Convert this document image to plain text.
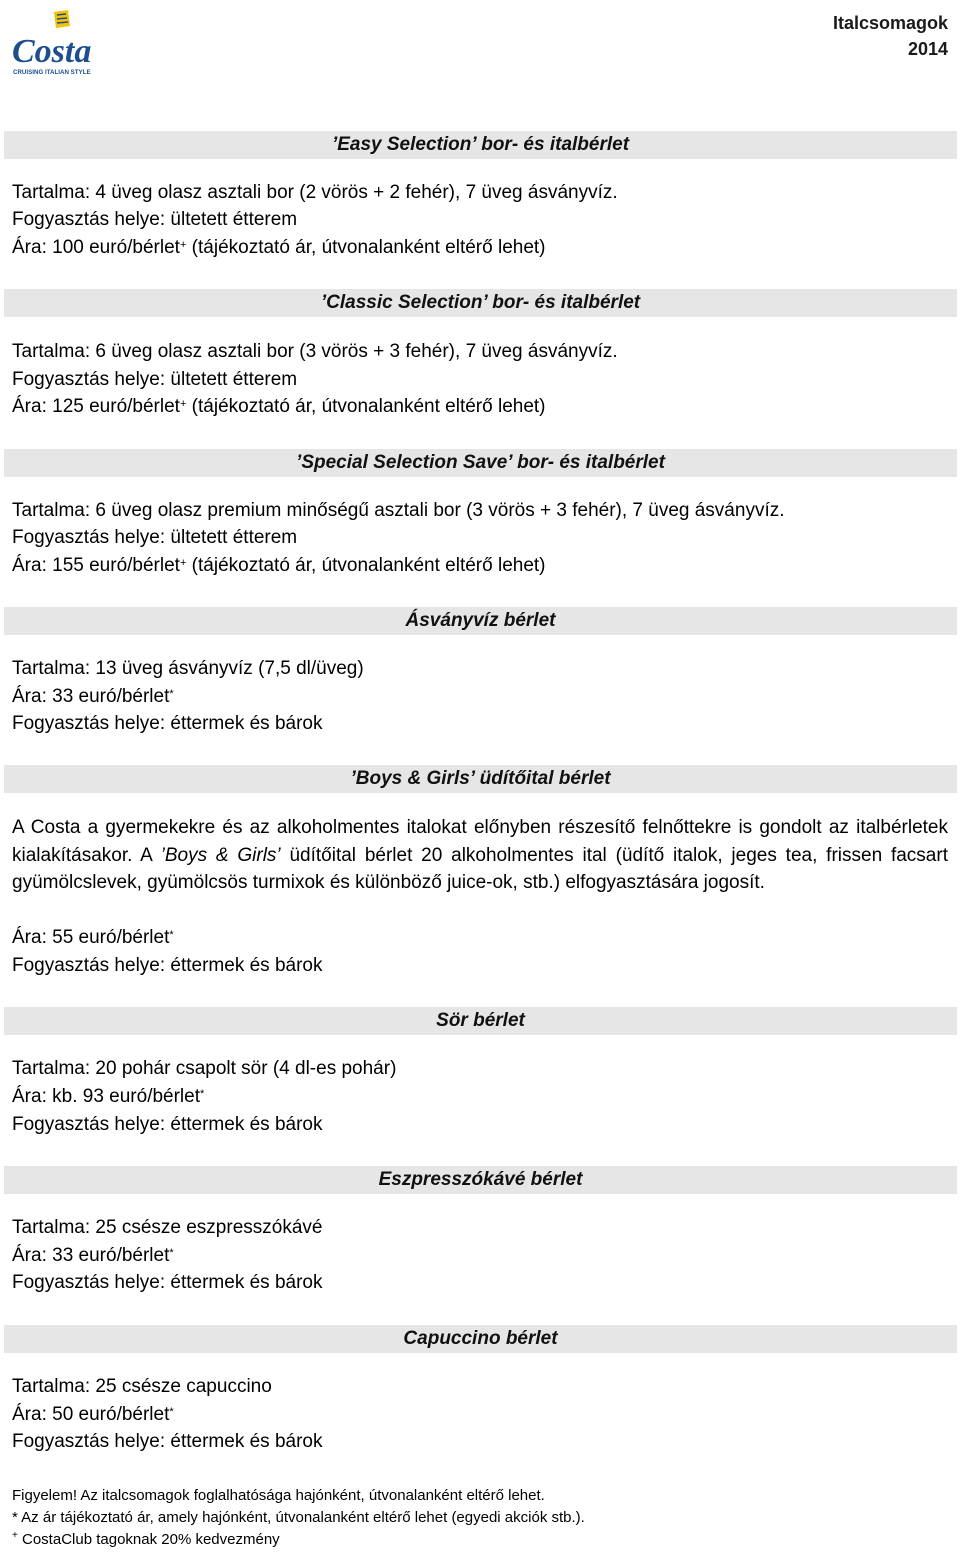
Costa
CRUISING ITALIAN STYLE
Italcsomagok
2014
’Easy Selection’ bor- és italbérlet
Tartalma: 4 üveg olasz asztali bor (2 vörös + 2 fehér), 7 üveg ásványvíz.
Fogyasztás helye: ültetett étterem
Ára: 100 euró/bérlet+ (tájékoztató ár, útvonalanként eltérő lehet)
’Classic Selection’ bor- és italbérlet
Tartalma: 6 üveg olasz asztali bor (3 vörös + 3 fehér), 7 üveg ásványvíz.
Fogyasztás helye: ültetett étterem
Ára: 125 euró/bérlet+ (tájékoztató ár, útvonalanként eltérő lehet)
’Special Selection Save’ bor- és italbérlet
Tartalma: 6 üveg olasz premium minőségű asztali bor (3 vörös + 3 fehér), 7 üveg ásványvíz.
Fogyasztás helye: ültetett étterem
Ára: 155 euró/bérlet+ (tájékoztató ár, útvonalanként eltérő lehet)
Ásványvíz bérlet
Tartalma: 13 üveg ásványvíz (7,5 dl/üveg)
Ára: 33 euró/bérlet*
Fogyasztás helye: éttermek és bárok
’Boys & Girls’ üdítőital bérlet
A Costa a gyermekekre és az alkoholmentes italokat előnyben részesítő felnőttekre is gondolt az italbérletek kialakításakor. A ’Boys & Girls’ üdítőital bérlet 20 alkoholmentes ital (üdítő italok, jeges tea, frissen facsart gyümölcslevek, gyümölcsös turmixok és különböző juice-ok, stb.) elfogyasztására jogosít.
Ára: 55 euró/bérlet*
Fogyasztás helye: éttermek és bárok
Sör bérlet
Tartalma: 20 pohár csapolt sör (4 dl-es pohár)
Ára: kb. 93 euró/bérlet*
Fogyasztás helye: éttermek és bárok
Eszpresszókávé bérlet
Tartalma: 25 csésze eszpresszókávé
Ára: 33 euró/bérlet*
Fogyasztás helye: éttermek és bárok
Capuccino bérlet
Tartalma: 25 csésze capuccino
Ára: 50 euró/bérlet*
Fogyasztás helye: éttermek és bárok
Figyelem! Az italcsomagok foglalhatósága hajónként, útvonalanként eltérő lehet.
* Az ár tájékoztató ár, amely hajónként, útvonalanként eltérő lehet (egyedi akciók stb.).
+ CostaClub tagoknak 20% kedvezmény
